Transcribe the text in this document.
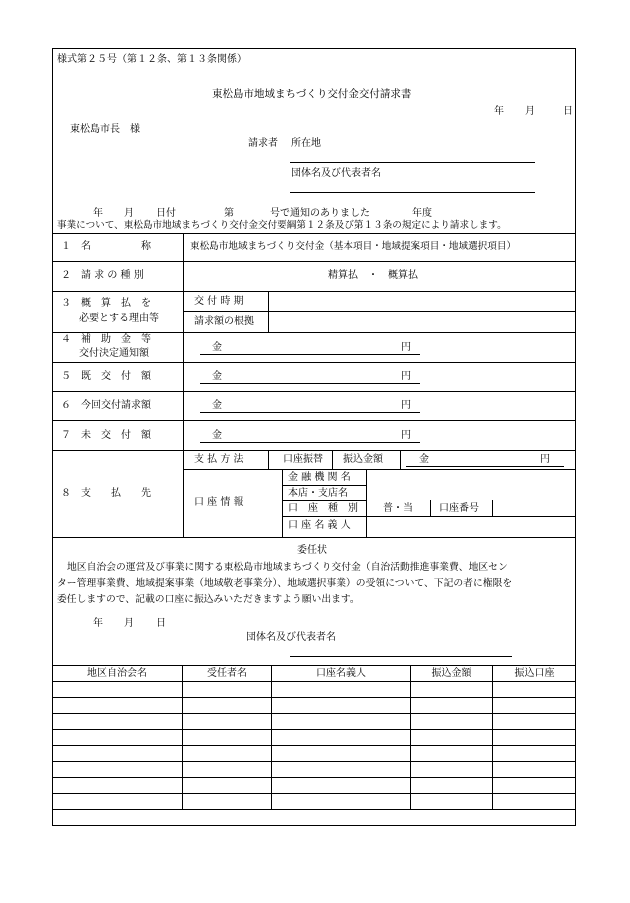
様式第２５号（第１２条、第１３条関係）
東松島市地域まちづくり交付金交付請求書
年 月	日
東松島市長　様
請求者 所在地
団体名及び代表者名
年 月 日付	第	号で通知のありました	年度
事業について、東松島市地域まちづくり交付金交付要綱第１２条及び第１３条の規定により請求します。
１　名　　　　　称	東松島市地域まちづくり交付金（基本項目・地域提案項目・地域選択項目）
２　請 求 の 種 別	精算払　・　概算払
３　概　算　払　を
必要とする理由等
交 付 時 期
請求額の根拠
４　補　助　金　等
交付決定通知額
金	円
５　既　交　付　額	金	円
６　今回交付請求額	金	円
７　未　交　付　額	金	円
８　支　　払　　先
支 払 方 法	口座振替 振込金額	金	円
口 座 情 報
金 融 機 関 名
本店・支店名
口　座　種　別	普・当	口座番号
口 座 名 義 人
委任状
地区自治会の運営及び事業に関する東松島市地域まちづくり交付金（自治活動推進事業費、地区セン
ター管理事業費、地域提案事業（地域敬老事業分）、地域選択事業）の受領について、下記の者に権限を
委任しますので、記載の口座に振込みいただきますよう願い出ます。
年 月 日
団体名及び代表者名
地区自治会名	受任者名	口座名義人	振込金額	振込口座
